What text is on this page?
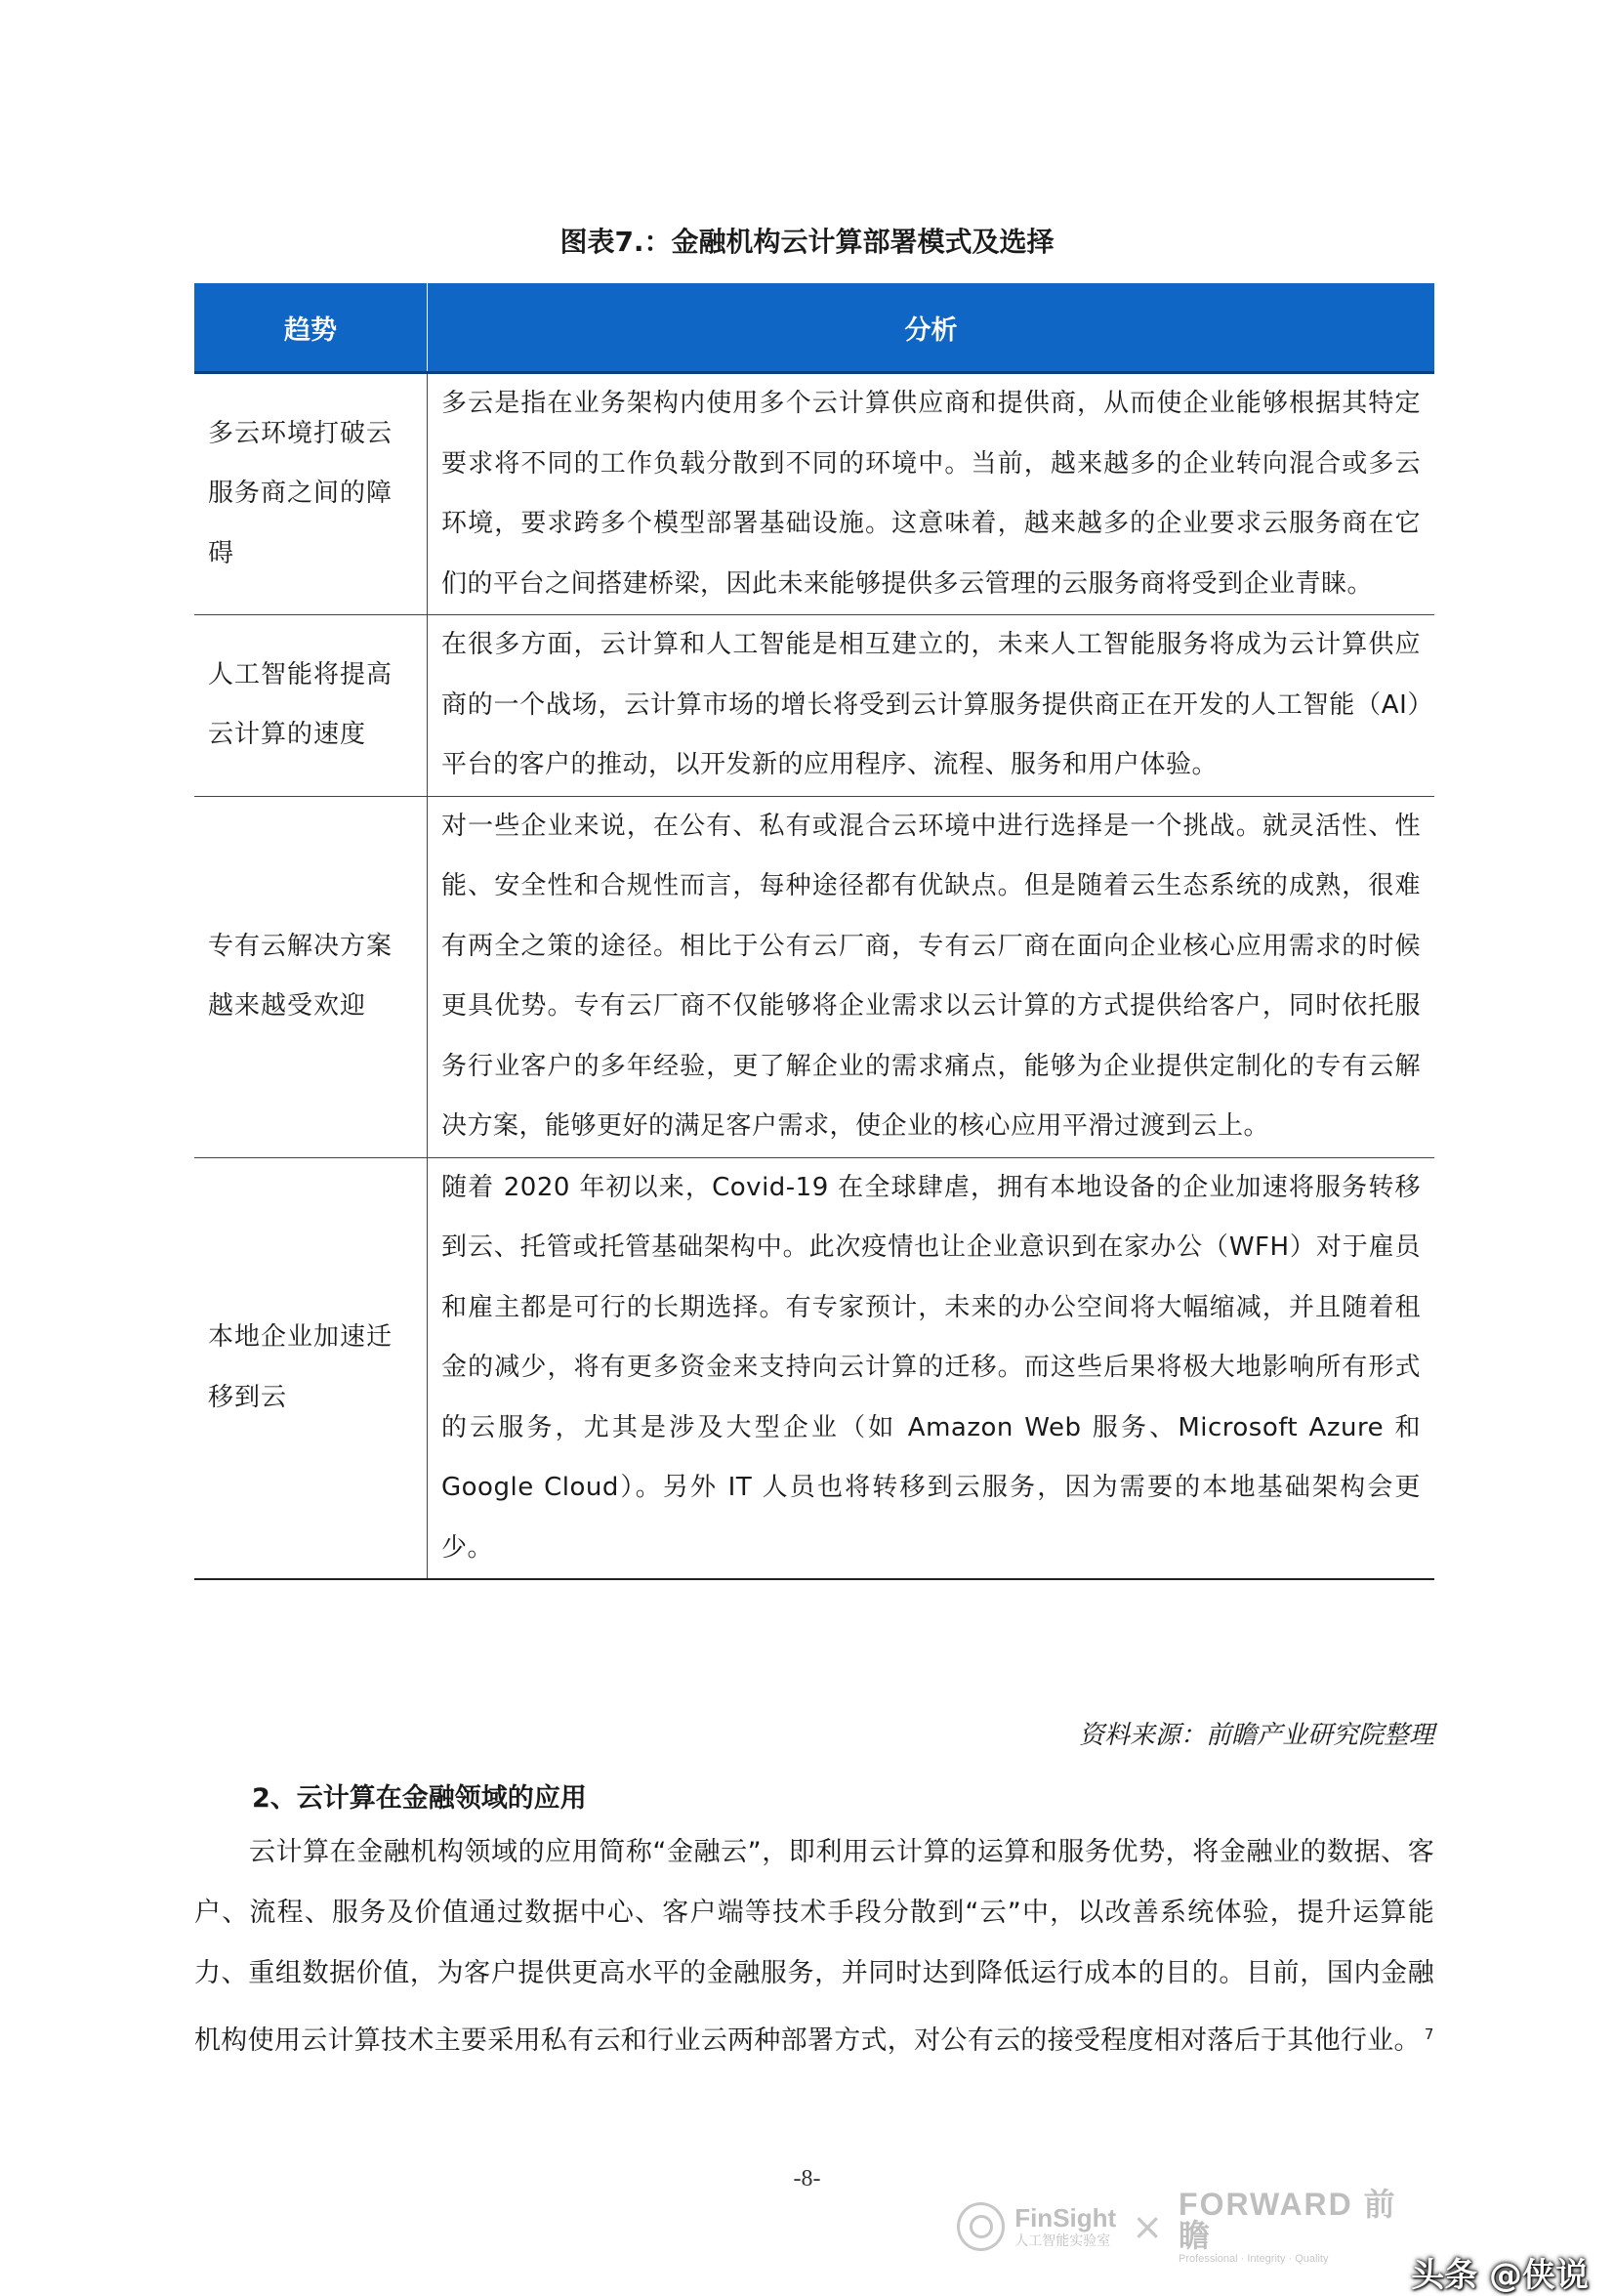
图表7.：金融机构云计算部署模式及选择
趋势	分析
多云环境打破云服务商之间的障碍	多云是指在业务架构内使用多个云计算供应商和提供商，从而使企业能够根据其特定要求将不同的工作负载分散到不同的环境中。当前，越来越多的企业转向混合或多云环境，要求跨多个模型部署基础设施。这意味着，越来越多的企业要求云服务商在它们的平台之间搭建桥梁，因此未来能够提供多云管理的云服务商将受到企业青睐。
人工智能将提高云计算的速度	在很多方面，云计算和人工智能是相互建立的，未来人工智能服务将成为云计算供应商的一个战场，云计算市场的增长将受到云计算服务提供商正在开发的人工智能（AI）平台的客户的推动，以开发新的应用程序、流程、服务和用户体验。
专有云解决方案越来越受欢迎	对一些企业来说，在公有、私有或混合云环境中进行选择是一个挑战。就灵活性、性能、安全性和合规性而言，每种途径都有优缺点。但是随着云生态系统的成熟，很难有两全之策的途径。相比于公有云厂商，专有云厂商在面向企业核心应用需求的时候更具优势。专有云厂商不仅能够将企业需求以云计算的方式提供给客户，同时依托服务行业客户的多年经验，更了解企业的需求痛点，能够为企业提供定制化的专有云解决方案，能够更好的满足客户需求，使企业的核心应用平滑过渡到云上。
本地企业加速迁移到云	随着 2020 年初以来，Covid-19 在全球肆虐，拥有本地设备的企业加速将服务转移到云、托管或托管基础架构中。此次疫情也让企业意识到在家办公（WFH）对于雇员和雇主都是可行的长期选择。有专家预计，未来的办公空间将大幅缩减，并且随着租金的减少，将有更多资金来支持向云计算的迁移。而这些后果将极大地影响所有形式的云服务，尤其是涉及大型企业（如 Amazon Web 服务、Microsoft Azure 和 Google Cloud）。另外 IT 人员也将转移到云服务，因为需要的本地基础架构会更少。
资料来源：前瞻产业研究院整理
2、云计算在金融领域的应用
云计算在金融机构领域的应用简称“金融云”，即利用云计算的运算和服务优势，将金融业的数据、客户、流程、服务及价值通过数据中心、客户端等技术手段分散到“云”中，以改善系统体验，提升运算能力、重组数据价值，为客户提供更高水平的金融服务，并同时达到降低运行成本的目的。目前，国内金融机构使用云计算技术主要采用私有云和行业云两种部署方式，对公有云的接受程度相对落后于其他行业。 $^7$
-8-
FinSight
人工智能实验室 ×
FORWARD 前瞻
Professional · Integrity · Quality	头条 @侠说
